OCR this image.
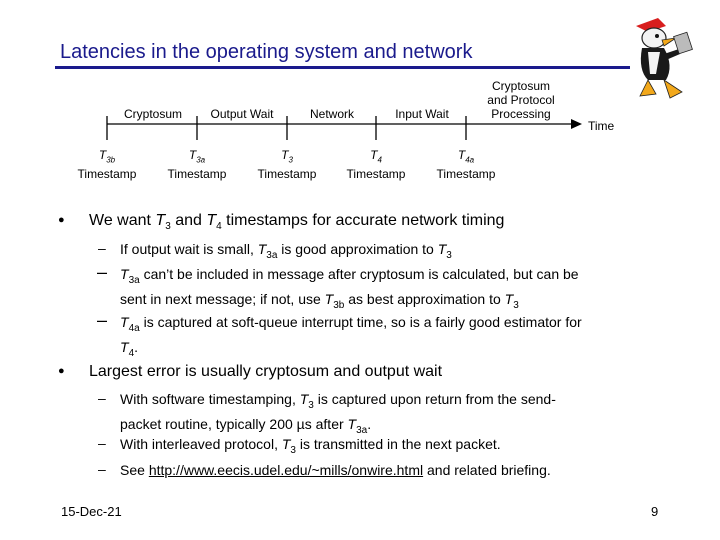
Latencies in the operating system and network
Cryptosum Output Wait	Network	Input Wait
Cryptosum
and Protocol
Processing
Time
$T_{3b}$
Timestamp
$T_{3a}$
Timestamp
$T_3$
Timestamp
$T_4$
Timestamp
$T_{4a}$
Timestamp
● We want $T_3$ and $T_4$ timestamps for accurate network timing
– If output wait is small, $T_{3a}$ is good approximation to $T_3$
– $T_{3a}$ can’t be included in message after cryptosum is calculated, but can be
sent in next message; if not, use $T_{3b}$ as best approximation to $T_3$
– $T_{4a}$ is captured at soft-queue interrupt time, so is a fairly good estimator for
$T_4$.
● Largest error is usually cryptosum and output wait
– With software timestamping, $T_3$ is captured upon return from the send-
packet routine, typically 200 µs after $T_{3a}$.
– With interleaved protocol, $T_3$ is transmitted in the next packet.
– See http://www.eecis.udel.edu/~mills/onwire.html and related briefing.
15-Dec-21	9
